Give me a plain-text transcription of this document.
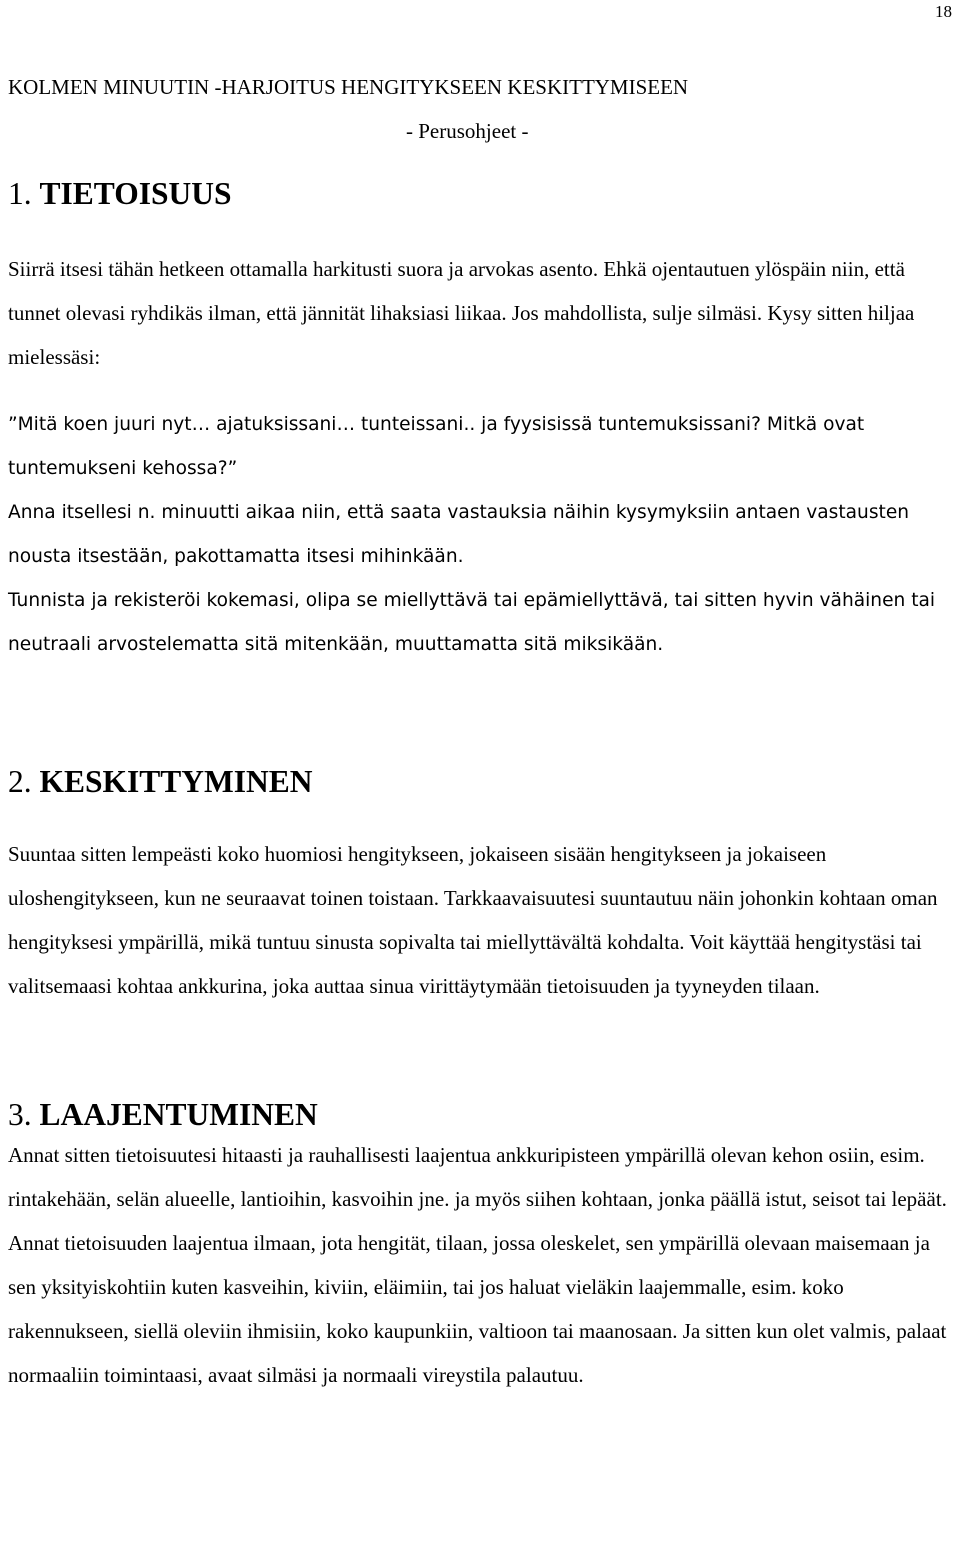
18
KOLMEN MINUUTIN -HARJOITUS HENGITYKSEEN KESKITTYMISEEN
- Perusohjeet -
1. TIETOISUUS

Siirrä itsesi tähän hetkeen ottamalla harkitusti suora ja arvokas asento. Ehkä ojentautuen ylöspäin niin, että tunnet olevasi ryhdikäs ilman, että jännität lihaksiasi liikaa. Jos mahdollista, sulje silmäsi. Kysy sitten hiljaa mielessäsi:

”Mitä koen juuri nyt… ajatuksissani… tunteissani.. ja fyysisissä tuntemuksissani? Mitkä ovat tuntemukseni kehossa?”

Anna itsellesi n. minuutti aikaa niin, että saata vastauksia näihin kysymyksiin antaen vastausten nousta itsestään, pakottamatta itsesi mihinkään.

Tunnista ja rekisteröi kokemasi, olipa se miellyttävä tai epämiellyttävä, tai sitten hyvin vähäinen tai neutraali arvostelematta sitä mitenkään, muuttamatta sitä miksikään.

2. KESKITTYMINEN

Suuntaa sitten lempeästi koko huomiosi hengitykseen, jokaiseen sisään hengitykseen ja jokaiseen uloshengitykseen, kun ne seuraavat toinen toistaan. Tarkkaavaisuutesi suuntautuu näin johonkin kohtaan oman hengityksesi ympärillä, mikä tuntuu sinusta sopivalta tai miellyttävältä kohdalta. Voit käyttää hengitystäsi tai valitsemaasi kohtaa ankkurina, joka auttaa sinua virittäytymään tietoisuuden ja tyyneyden tilaan.

3. LAAJENTUMINEN

Annat sitten tietoisuutesi hitaasti ja rauhallisesti laajentua ankkuripisteen ympärillä olevan kehon osiin, esim. rintakehään, selän alueelle, lantioihin, kasvoihin jne. ja myös siihen kohtaan, jonka päällä istut, seisot tai lepäät. Annat tietoisuuden laajentua ilmaan, jota hengität, tilaan, jossa oleskelet, sen ympärillä olevaan maisemaan ja sen yksityiskohtiin kuten kasveihin, kiviin, eläimiin, tai jos haluat vieläkin laajemmalle, esim. koko rakennukseen, siellä oleviin ihmisiin, koko kaupunkiin, valtioon tai maanosaan. Ja sitten kun olet valmis, palaat normaaliin toimintaasi, avaat silmäsi ja normaali vireystila palautuu.
